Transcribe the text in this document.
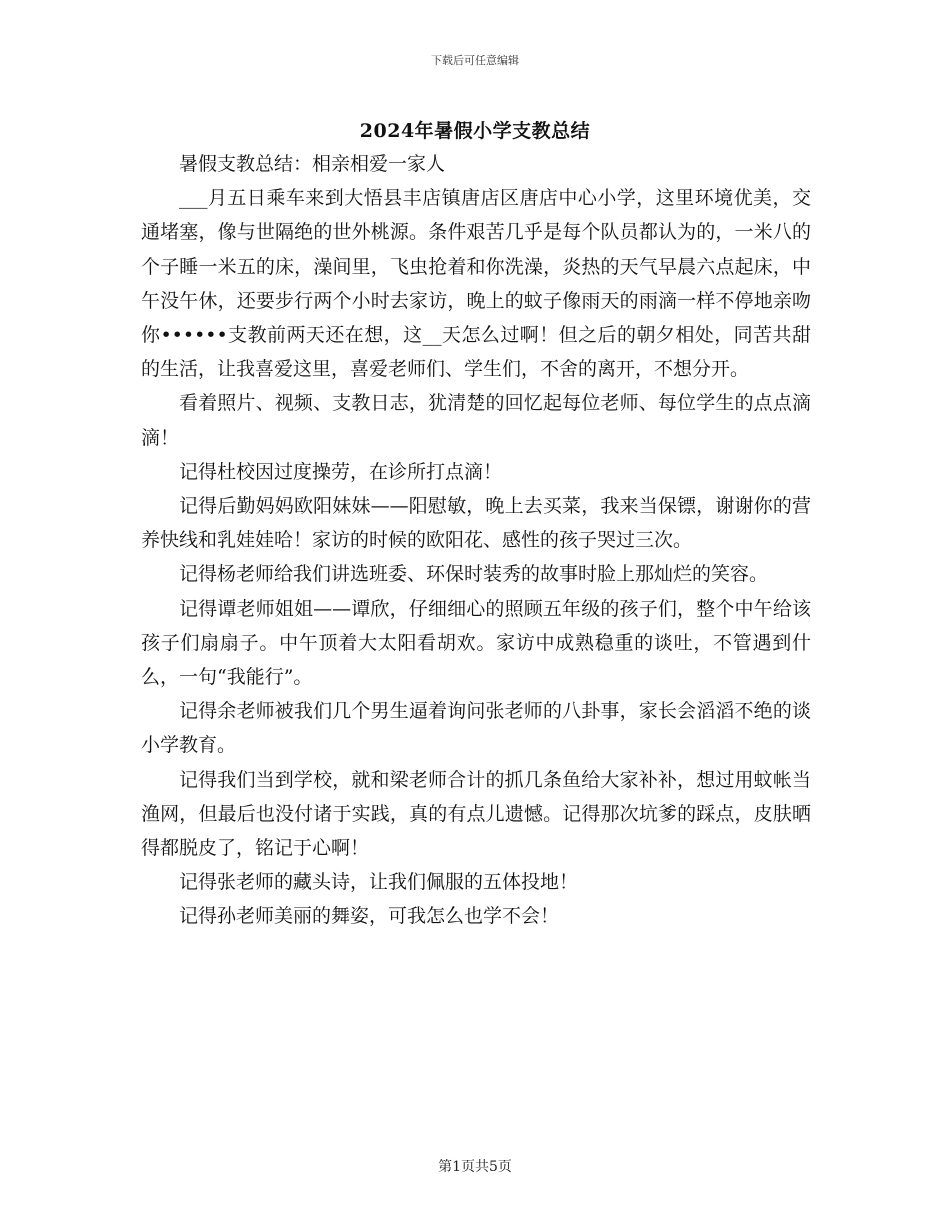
下载后可任意编辑
2024年暑假小学支教总结

暑假支教总结：相亲相爱一家人

___月五日乘车来到大悟县丰店镇唐店区唐店中心小学，这里环境优美，交通堵塞，像与世隔绝的世外桃源。条件艰苦几乎是每个队员都认为的，一米八的个子睡一米五的床，澡间里，飞虫抢着和你洗澡，炎热的天气早晨六点起床，中午没午休，还要步行两个小时去家访，晚上的蚊子像雨天的雨滴一样不停地亲吻你••••••支教前两天还在想，这__天怎么过啊！但之后的朝夕相处，同苦共甜的生活，让我喜爱这里，喜爱老师们、学生们，不舍的离开，不想分开。

看着照片、视频、支教日志，犹清楚的回忆起每位老师、每位学生的点点滴滴！

记得杜校因过度操劳，在诊所打点滴！

记得后勤妈妈欧阳妹妹——阳慰敏，晚上去买菜，我来当保镖，谢谢你的营养快线和乳娃娃哈！家访的时候的欧阳花、感性的孩子哭过三次。

记得杨老师给我们讲选班委、环保时装秀的故事时脸上那灿烂的笑容。

记得谭老师姐姐——谭欣，仔细细心的照顾五年级的孩子们，整个中午给该孩子们扇扇子。中午顶着大太阳看胡欢。家访中成熟稳重的谈吐，不管遇到什么，一句“我能行”。

记得余老师被我们几个男生逼着询问张老师的八卦事，家长会滔滔不绝的谈小学教育。

记得我们当到学校，就和梁老师合计的抓几条鱼给大家补补，想过用蚊帐当渔网，但最后也没付诸于实践，真的有点儿遗憾。记得那次坑爹的踩点，皮肤晒得都脱皮了，铭记于心啊！

记得张老师的藏头诗，让我们佩服的五体投地！

记得孙老师美丽的舞姿，可我怎么也学不会！

第1页共5页
